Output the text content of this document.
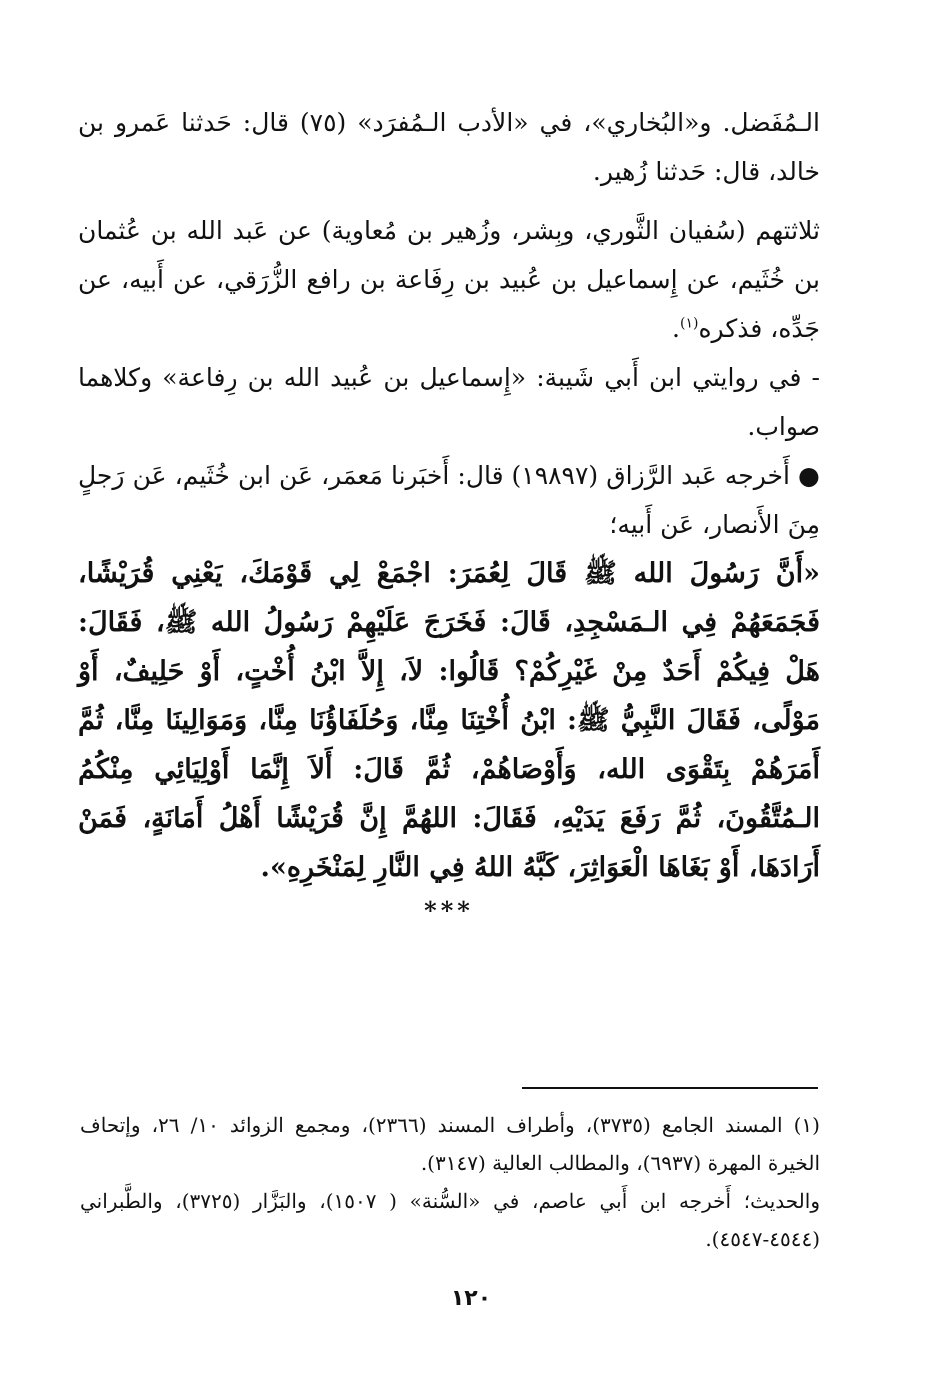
الـمُفَضل. و«البُخاري»، في «الأدب الـمُفرَد» (٧٥) قال: حَدثنا عَمرو بن خالد، قال: حَدثنا زُهير.

ثلاثتهم (سُفيان الثَّوري، وبِشر، وزُهير بن مُعاوية) عن عَبد الله بن عُثمان بن خُثَيم، عن إِسماعيل بن عُبيد بن رِفَاعة بن رافع الزُّرَقي، عن أَبيه، عن جَدِّه، فذكره$^{(١)}$.

- في روايتي ابن أَبي شَيبة: «إِسماعيل بن عُبيد الله بن رِفاعة» وكلاهما صواب.

● أَخرجه عَبد الرَّزاق (١٩٨٩٧) قال: أَخبَرنا مَعمَر، عَن ابن خُثَيم، عَن رَجلٍ مِنَ الأَنصار، عَن أَبيه؛

«أَنَّ رَسُولَ الله ﷺ قَالَ لِعُمَرَ: اجْمَعْ لِي قَوْمَكَ، يَعْنِي قُرَيْشًا، فَجَمَعَهُمْ فِي الـمَسْجِدِ، قَالَ: فَخَرَجَ عَلَيْهِمْ رَسُولُ الله ﷺ، فَقَالَ: هَلْ فِيكُمْ أَحَدٌ مِنْ غَيْرِكُمْ؟ قَالُوا: لاَ، إِلاَّ ابْنُ أُخْتٍ، أَوْ حَلِيفٌ، أَوْ مَوْلًى، فَقَالَ النَّبِيُّ ﷺ: ابْنُ أُخْتِنَا مِنَّا، وَحُلَفَاؤُنَا مِنَّا، وَمَوَالِينَا مِنَّا، ثُمَّ أَمَرَهُمْ بِتَقْوَى الله، وَأَوْصَاهُمْ، ثُمَّ قَالَ: أَلاَ إِنَّمَا أَوْلِيَائِي مِنْكُمُ الـمُتَّقُونَ، ثُمَّ رَفَعَ يَدَيْهِ، فَقَالَ: اللهُمَّ إِنَّ قُرَيْشًا أَهْلُ أَمَانَةٍ، فَمَنْ أَرَادَهَا، أَوْ بَغَاهَا الْعَوَاثِرَ، كَبَّهُ اللهُ فِي النَّارِ لِمَنْخَرِهِ».

***

(١) المسند الجامع (٣٧٣٥)، وأطراف المسند (٢٣٦٦)، ومجمع الزوائد ١٠/ ٢٦، وإتحاف الخيرة المهرة (٦٩٣٧)، والمطالب العالية (٣١٤٧).

والحديث؛ أَخرجه ابن أَبي عاصم، في «السُّنة» ( ١٥٠٧)، والبَزَّار (٣٧٢٥)، والطَّبراني (٤٥٤٤-٤٥٤٧).

١٢٠
